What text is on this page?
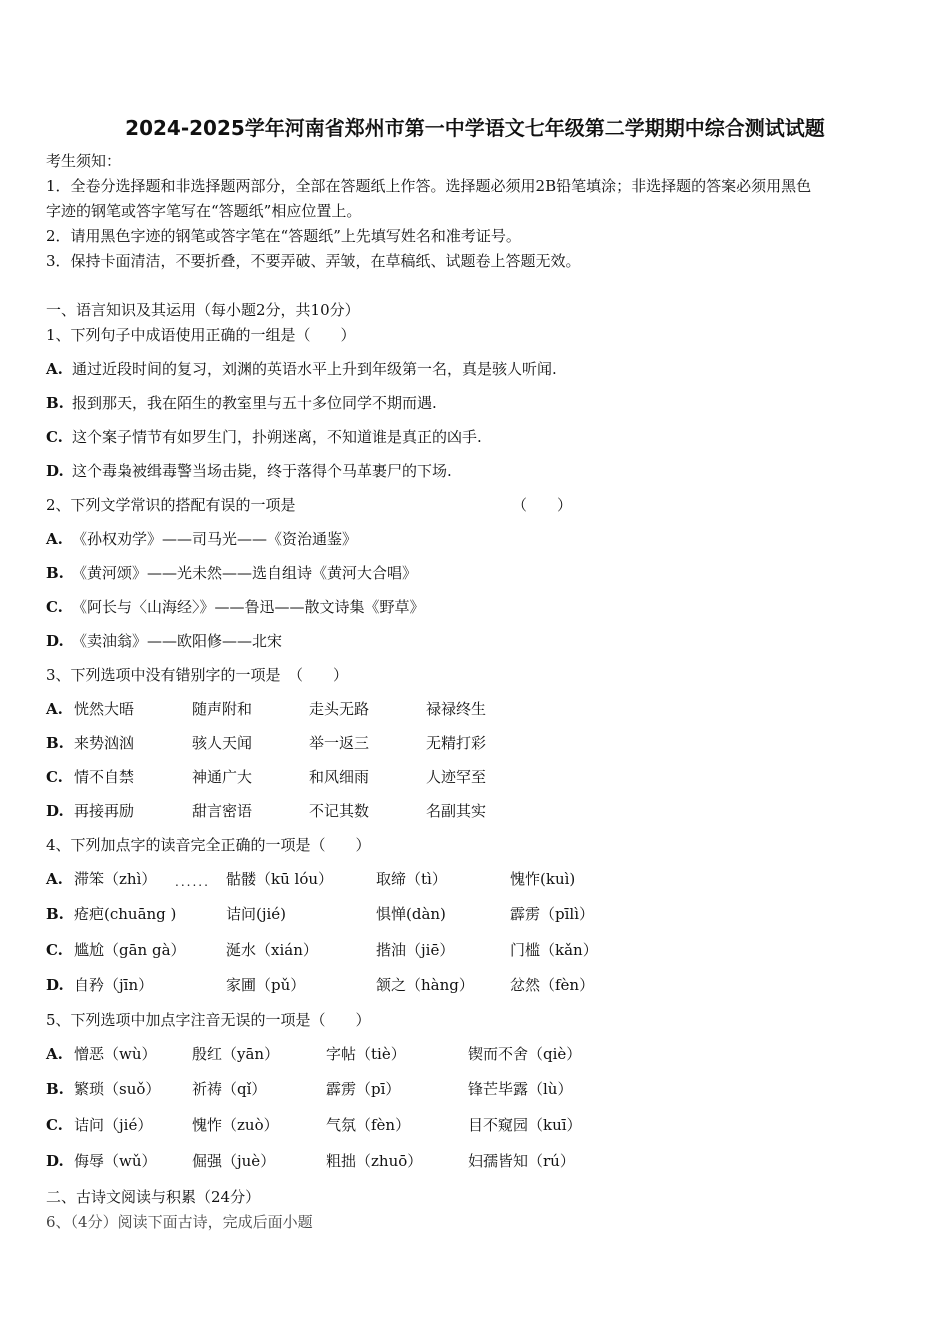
2024-2025学年河南省郑州市第一中学语文七年级第二学期期中综合测试试题
考生须知：
1．全卷分选择题和非选择题两部分，全部在答题纸上作答。选择题必须用2B铅笔填涂；非选择题的答案必须用黑色
字迹的钢笔或答字笔写在“答题纸”相应位置上。
2．请用黑色字迹的钢笔或答字笔在“答题纸”上先填写姓名和准考证号。
3．保持卡面清洁，不要折叠，不要弄破、弄皱，在草稿纸、试题卷上答题无效。
一、语言知识及其运用（每小题2分，共10分）
1、下列句子中成语使用正确的一组是（　　）
A. 通过近段时间的复习，刘渊的英语水平上升到年级第一名，真是骇人听闻.
B. 报到那天，我在陌生的教室里与五十多位同学不期而遇.
C. 这个案子情节有如罗生门，扑朔迷离，不知道谁是真正的凶手.
D. 这个毒枭被缉毒警当场击毙，终于落得个马革裹尸的下场.
2、下列文学常识的搭配有误的一项是	（　　）
A. 《孙权劝学》——司马光——《资治通鉴》
B. 《黄河颂》——光未然——选自组诗《黄河大合唱》
C. 《阿长与〈山海经〉》——鲁迅——散文诗集《野草》
D. 《卖油翁》——欧阳修——北宋
3、下列选项中没有错别字的一项是　（　　）
A. 恍然大晤	随声附和	走头无路	禄禄终生
B. 来势汹汹	骇人天闻	举一返三	无精打彩
C. 情不自禁	神通广大	和风细雨	人迹罕至
D. 再接再励	甜言密语	不记其数	名副其实
4、下列加点字的读音完全正确的一项是（　　）
A. 滞笨（zhì） ...... 骷髅（kū lóu）	取缔（tì）	愧怍(kuì)
B. 疮疤(chuāng )	诘问(jié)	惧惮(dàn)	霹雳（pīlì）
C. 尴尬（gān gà）	涎水（xián）	揩油（jiē）	门槛（kǎn）
D. 自矜（jīn）	家圃（pǔ）	颔之（hàng） 忿然（fèn）
5、下列选项中加点字注音无误的一项是（　　）
A. 憎恶（wù） 殷红（yān）	字帖（tiè）	锲而不舍（qiè）
B. 繁琐（suǒ） 祈祷（qǐ）	霹雳（pī）	锋芒毕露（lù）
C. 诘问（jié）	愧怍（zuò）	气氛（fèn）	目不窥园（kuī）
D. 侮辱（wǔ） 倔强（juè）	粗拙（zhuō）	妇孺皆知（rú）
二、古诗文阅读与积累（24分）
6、（4分）阅读下面古诗，完成后面小题
